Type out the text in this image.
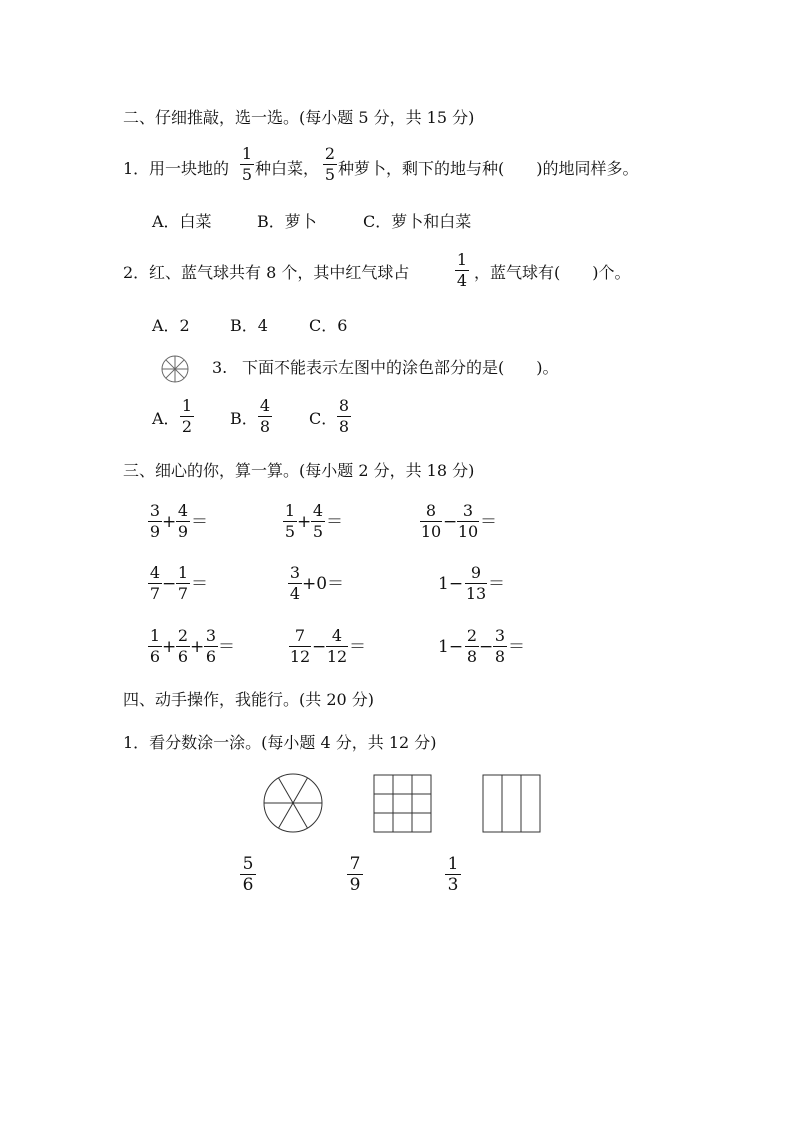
二、仔细推敲，选一选。(每小题 5 分，共 15 分)
1． 用一块地的
1
5 种白菜，
2
5 种萝卜，剩下的地与种(　　)的地同样多。
A．白菜	B．萝卜	C．萝卜和白菜
2． 红、蓝气球共有 8 个，其中红气球占
1
4 ，蓝气球有(　　)个。
A．2	B．4	C．6
3. 下面不能表示左图中的涂色部分的是(　　)。
A．
1
2 B．
4
8 C．
8
8
三、细心的你，算一算。(每小题 2 分，共 18 分)
3
9 +
4
9 ＝
1
5 +
4
5 ＝
8
10 −
3
10 ＝
4
7 −
1
7 ＝
3
4 +0＝	1−
9
13 ＝
1
6 +
2
6 +
3
6 ＝
7
12 −
4
12 ＝	1−
2
8 −
3
8 ＝
四、动手操作，我能行。(共 20 分)
1．看分数涂一涂。(每小题 4 分，共 12 分)
5
6
7
9
1
3
